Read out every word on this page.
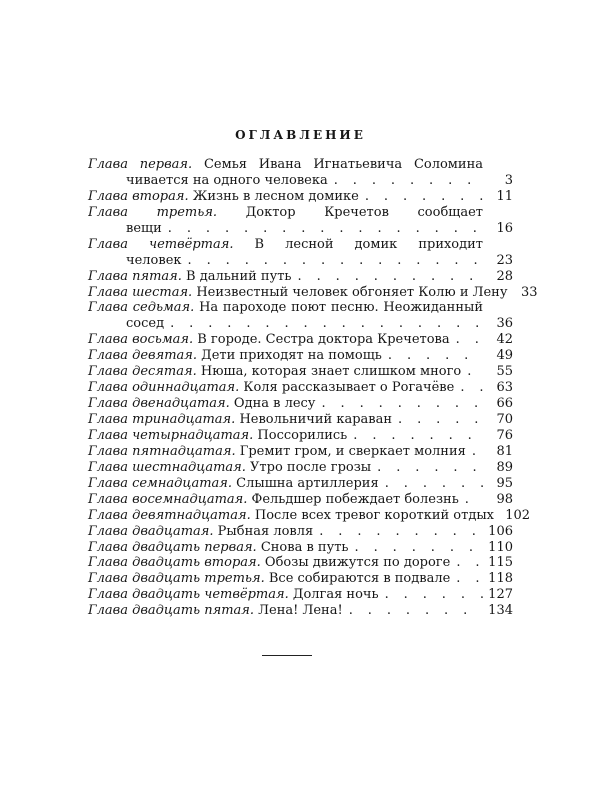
ОГЛАВЛЕНИЕ
Глава первая. Семья Ивана Игнатьевича Соломина
чивается на одного человека . . .	3
Глава вторая. Жизнь в лесном домике . . .	11
Глава третья. Доктор Кречетов сообщает
вещи . . .	16
Глава четвёртая. В лесной домик приходит
человек . . .	23
Глава пятая. В дальний путь . . .	28
Глава шестая. Неизвестный человек обгоняет Колю и Лену	33
Глава седьмая. На пароходе поют песню. Неожиданный
сосед . . .	36
Глава восьмая. В городе. Сестра доктора Кречетова . . .	42
Глава девятая. Дети приходят на помощь . . .	49
Глава десятая. Нюша, которая знает слишком много . . .	55
Глава одиннадцатая. Коля рассказывает о Рогачёве . . .	63
Глава двенадцатая. Одна в лесу . . .	66
Глава тринадцатая. Невольничий караван . . .	70
Глава четырнадцатая. Поссорились . . .	76
Глава пятнадцатая. Гремит гром, и сверкает молния . . .	81
Глава шестнадцатая. Утро после грозы . . .	89
Глава семнадцатая. Слышна артиллерия . . .	95
Глава восемнадцатая. Фельдшер побеждает болезнь . . .	98
Глава девятнадцатая. После всех тревог короткий отдых . . . 102
Глава двадцатая. Рыбная ловля . . .	106
Глава двадцать первая. Снова в путь . . .	110
Глава двадцать вторая. Обозы движутся по дороге . . .	115
Глава двадцать третья. Все собираются в подвале . . .	118
Глава двадцать четвёртая. Долгая ночь . . .	127
Глава двадцать пятая. Лена! Лена! . . .	134
